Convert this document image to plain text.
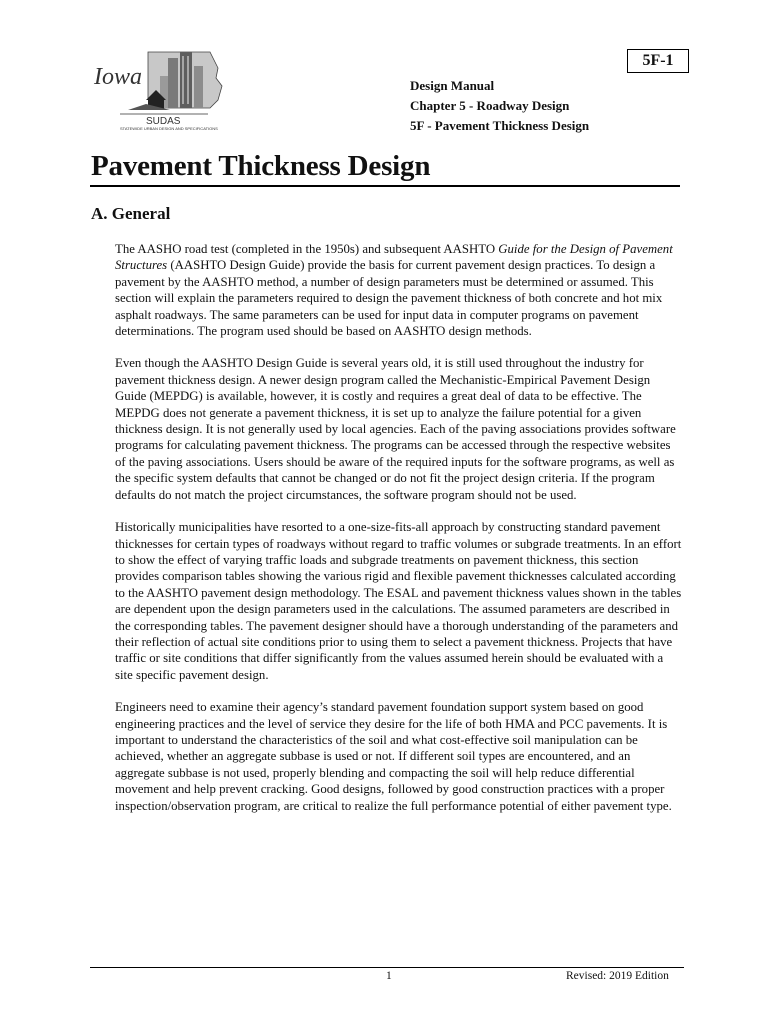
5F-1
Iowa
SUDAS
STATEWIDE URBAN DESIGN AND SPECIFICATIONS
Design Manual
Chapter 5 - Roadway Design
5F - Pavement Thickness Design
Pavement Thickness Design
A. General

The AASHO road test (completed in the 1950s) and subsequent AASHTO Guide for the Design of Pavement Structures (AASHTO Design Guide) provide the basis for current pavement design practices. To design a pavement by the AASHTO method, a number of design parameters must be determined or assumed. This section will explain the parameters required to design the pavement thickness of both concrete and hot mix asphalt roadways. The same parameters can be used for input data in computer programs on pavement determinations. The program used should be based on AASHTO design methods.

Even though the AASHTO Design Guide is several years old, it is still used throughout the industry for pavement thickness design. A newer design program called the Mechanistic-Empirical Pavement Design Guide (MEPDG) is available, however, it is costly and requires a great deal of data to be effective. The MEPDG does not generate a pavement thickness, it is set up to analyze the failure potential for a given thickness design. It is not generally used by local agencies. Each of the paving associations provides software programs for calculating pavement thickness. The programs can be accessed through the respective websites of the paving associations. Users should be aware of the required inputs for the software programs, as well as the specific system defaults that cannot be changed or do not fit the project design criteria. If the program defaults do not match the project circumstances, the software program should not be used.

Historically municipalities have resorted to a one-size-fits-all approach by constructing standard pavement thicknesses for certain types of roadways without regard to traffic volumes or subgrade treatments. In an effort to show the effect of varying traffic loads and subgrade treatments on pavement thickness, this section provides comparison tables showing the various rigid and flexible pavement thicknesses calculated according to the AASHTO pavement design methodology. The ESAL and pavement thickness values shown in the tables are dependent upon the design parameters used in the calculations. The assumed parameters are described in the corresponding tables. The pavement designer should have a thorough understanding of the parameters and their reflection of actual site conditions prior to using them to select a pavement thickness. Projects that have traffic or site conditions that differ significantly from the values assumed herein should be evaluated with a site specific pavement design.

Engineers need to examine their agency’s standard pavement foundation support system based on good engineering practices and the level of service they desire for the life of both HMA and PCC pavements. It is important to understand the characteristics of the soil and what cost-effective soil manipulation can be achieved, whether an aggregate subbase is used or not. If different soil types are encountered, and an aggregate subbase is not used, properly blending and compacting the soil will help reduce differential movement and help prevent cracking. Good designs, followed by good construction practices with a proper inspection/observation program, are critical to realize the full performance potential of either pavement type.

1	Revised: 2019 Edition
